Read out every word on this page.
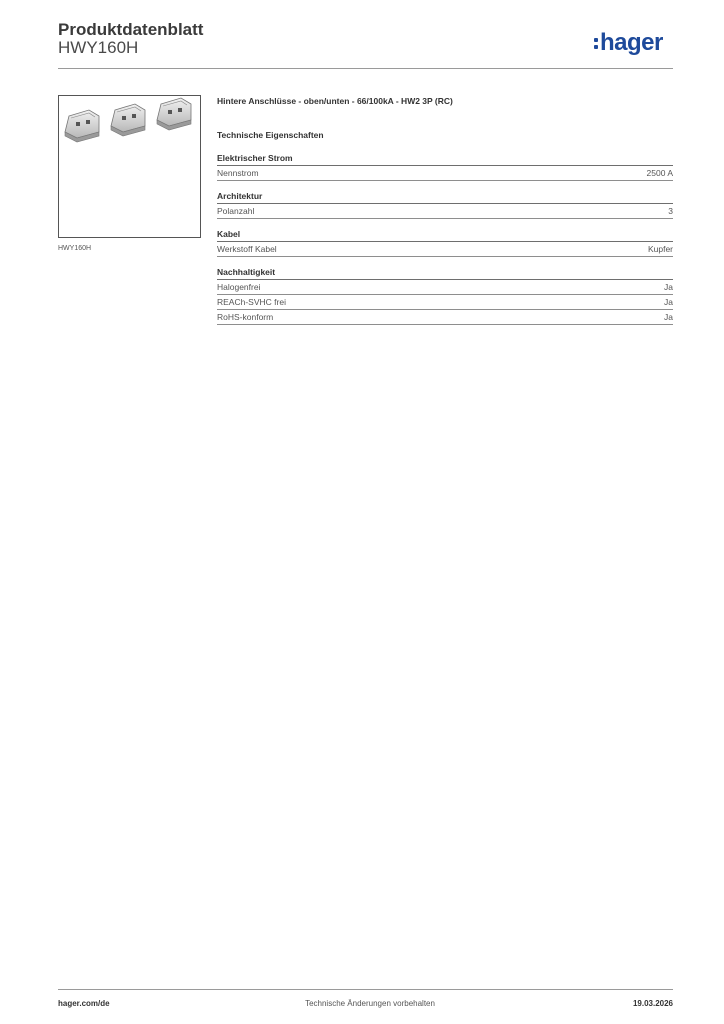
Produktdatenblatt
HWY160H	hager
HWY160H

Hintere Anschlüsse - oben/unten - 66/100kA - HW2 3P (RC)

Technische Eigenschaften

Elektrischer Strom
Nennstrom	2500 A
Architektur
Polanzahl	3
Kabel
Werkstoff Kabel	Kupfer
Nachhaltigkeit
Halogenfrei	Ja
REACh-SVHC frei	Ja
RoHS-konform	Ja
hager.com/de	Technische Änderungen vorbehalten	19.03.2026
